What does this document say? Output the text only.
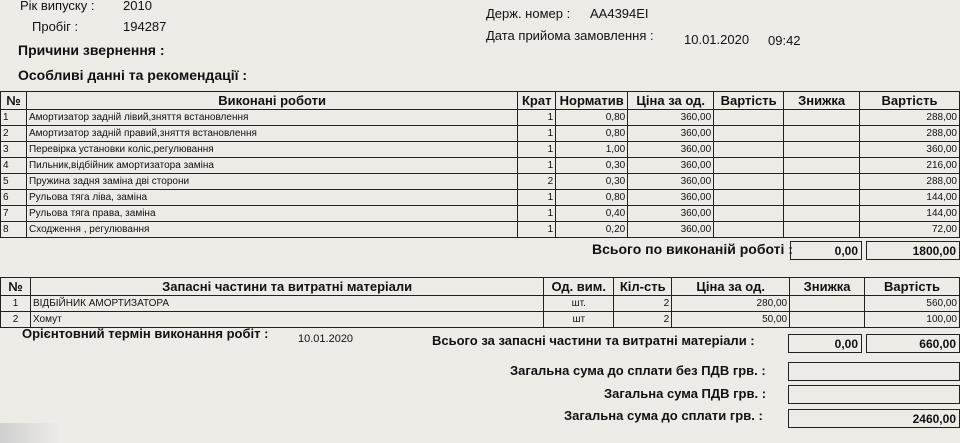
Рік випуску : 2010
Пробіг :	194287
Держ. номер : AA4394EI
Дата прийома замовлення : 10.01.2020 09:42
Причини звернення :
Особливі данні та рекомендації :
№	Виконані роботи	Крат	Норматив	Ціна за од.	Вартість	Знижка	Вартість
1	Амортизатор задній лівий,зняття встановлення	1	0,80	360,00			288,00
2	Амортизатор задній правий,зняття встановлення	1	0,80	360,00			288,00
3	Перевірка установки коліс,регулювання	1	1,00	360,00			360,00
4	Пильник,відбійник амортизатора заміна	1	0,30	360,00			216,00
5	Пружина задня заміна дві сторони	2	0,30	360,00			288,00
6	Рульова тяга ліва, заміна	1	0,80	360,00			144,00
7	Рульова тяга права, заміна	1	0,40	360,00			144,00
8	Сходження , регулювання	1	0,20	360,00			72,00
Всього по виконаній роботі :	0,00	1800,00
№	Запасні частини та витратні матеріали	Од. вим.	Кіл-сть	Ціна за од.	Знижка	Вартість
1	ВІДБІЙНИК АМОРТИЗАТОРА	шт.	2	280,00		560,00
2	Хомут	шт	2	50,00		100,00
Орієнтовний термін виконання робіт :	10.01.2020	Всього за запасні частини та витратні матеріали :	0,00	660,00
Загальна сума до сплати без ПДВ грв. :
Загальна сума ПДВ грв. :
Загальна сума до сплати грв. :	2460,00
